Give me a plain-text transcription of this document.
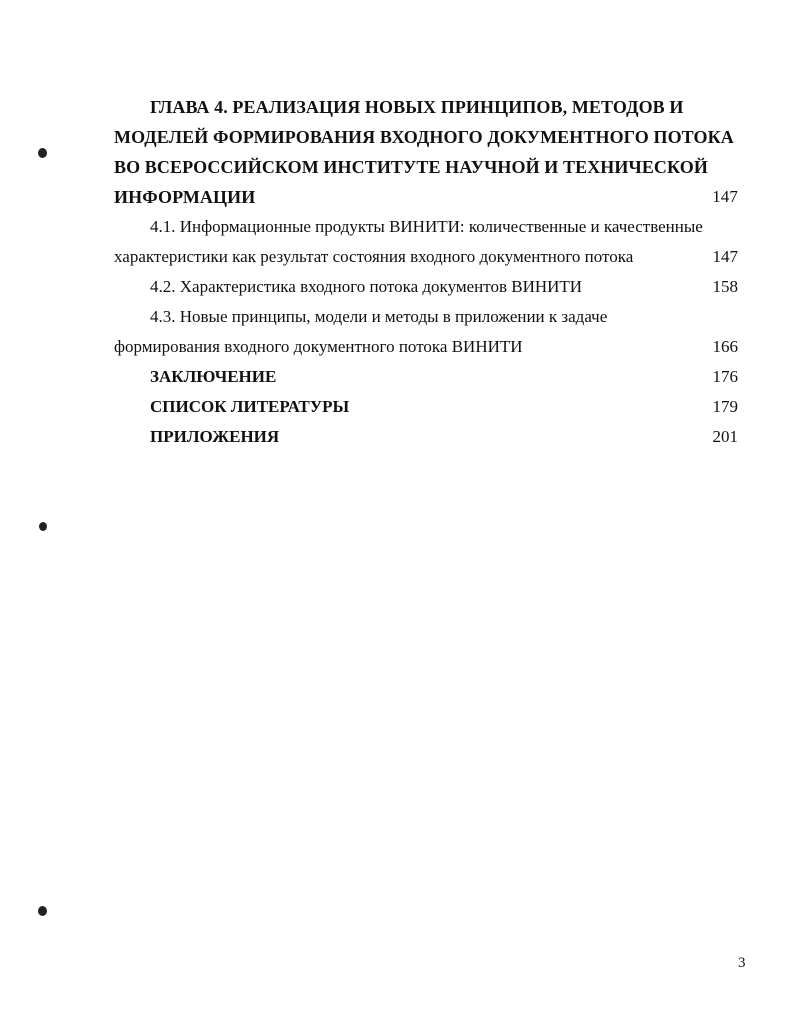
ГЛАВА 4. РЕАЛИЗАЦИЯ НОВЫХ ПРИНЦИПОВ, МЕТОДОВ И
МОДЕЛЕЙ ФОРМИРОВАНИЯ ВХОДНОГО ДОКУМЕНТНОГО ПОТОКА
ВО ВСЕРОССИЙСКОМ ИНСТИТУТЕ НАУЧНОЙ И ТЕХНИЧЕСКОЙ
ИНФОРМАЦИИ	147
4.1. Информационные продукты ВИНИТИ: количественные и качественные
характеристики как результат состояния входного документного потока	147
4.2. Характеристика входного потока документов ВИНИТИ	158
4.3. Новые принципы, модели и методы в приложении к задаче
формирования входного документного потока ВИНИТИ	166
ЗАКЛЮЧЕНИЕ	176
СПИСОК ЛИТЕРАТУРЫ	179
ПРИЛОЖЕНИЯ	201
3
